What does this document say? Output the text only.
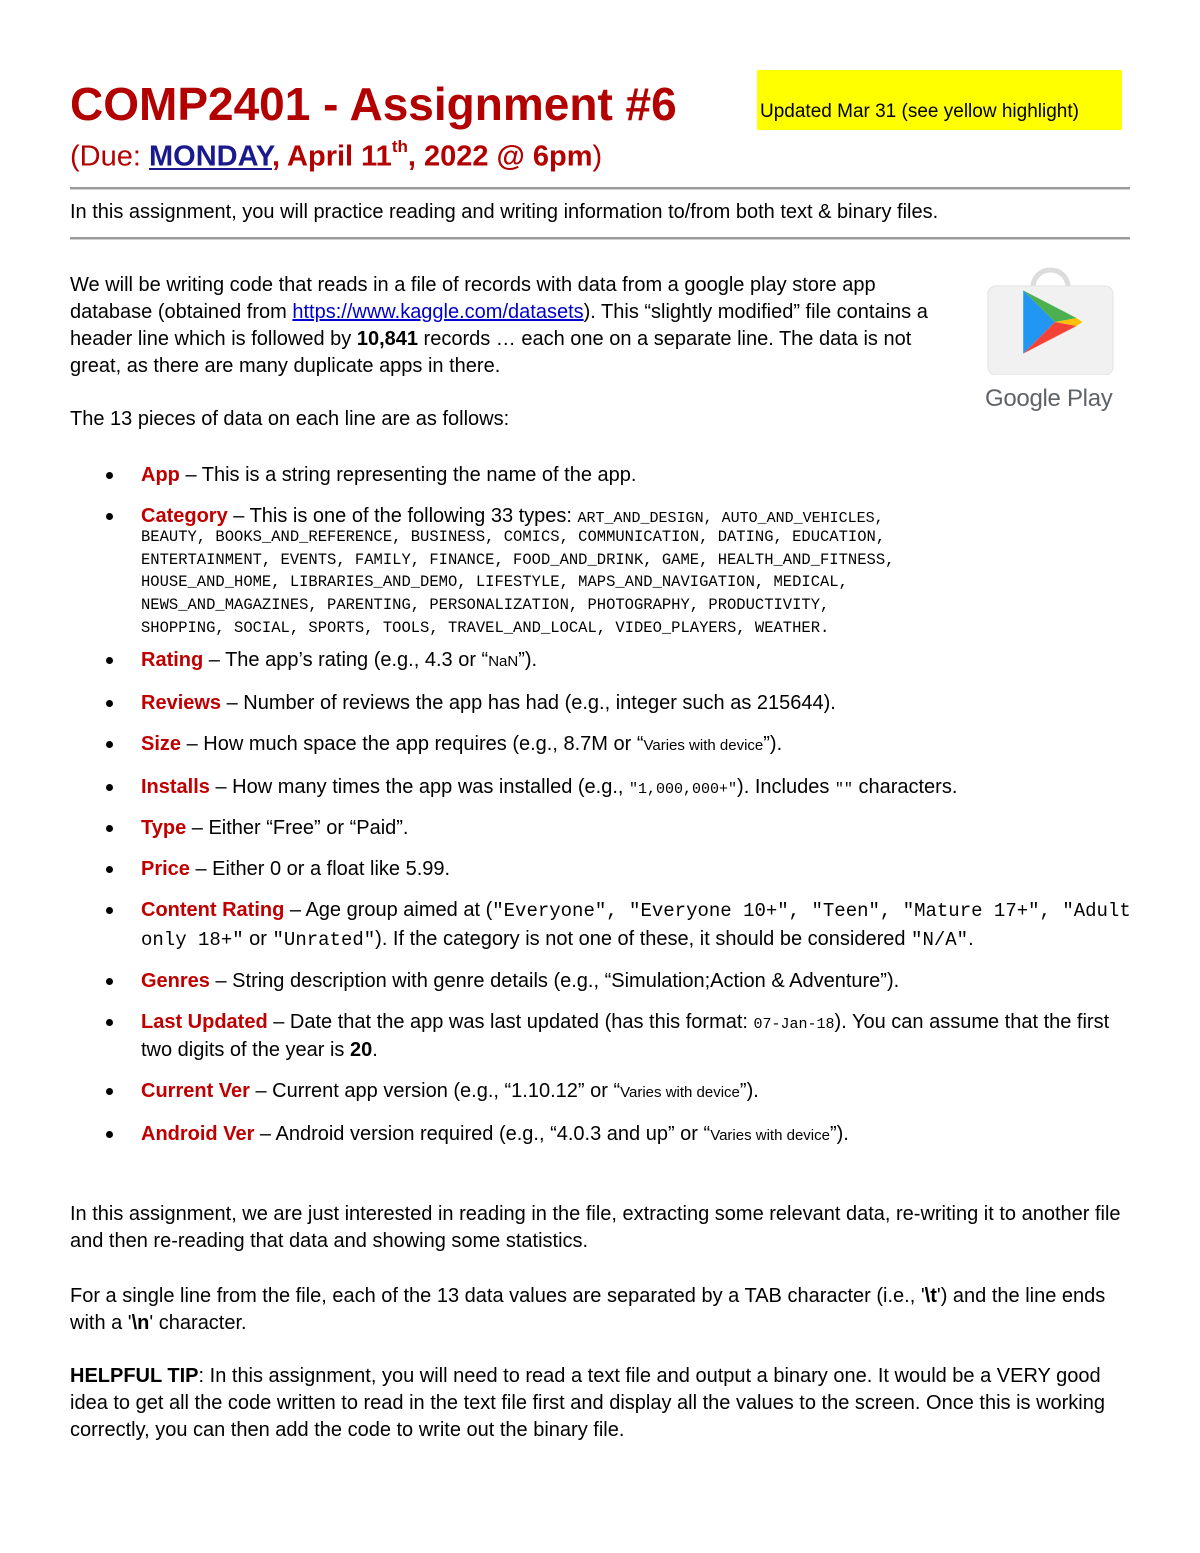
COMP2401 - Assignment #6	Updated Mar 31 (see yellow highlight)
(Due: MONDAY, April 11th, 2022 @ 6pm)
In this assignment, you will practice reading and writing information to/from both text & binary files.

We will be writing code that reads in a file of records with data from a google play store app database (obtained from https://www.kaggle.com/datasets). This “slightly modified” file contains a header line which is followed by 10,841 records … each one on a separate line. The data is not great, as there are many duplicate apps in there.

Google Play

The 13 pieces of data on each line are as follows:

App – This is a string representing the name of the app.
Category – This is one of the following 33 types: ART_AND_DESIGN, AUTO_AND_VEHICLES,
BEAUTY, BOOKS_AND_REFERENCE, BUSINESS, COMICS, COMMUNICATION, DATING, EDUCATION,
ENTERTAINMENT, EVENTS, FAMILY, FINANCE, FOOD_AND_DRINK, GAME, HEALTH_AND_FITNESS,
HOUSE_AND_HOME, LIBRARIES_AND_DEMO, LIFESTYLE, MAPS_AND_NAVIGATION, MEDICAL,
NEWS_AND_MAGAZINES, PARENTING, PERSONALIZATION, PHOTOGRAPHY, PRODUCTIVITY,
SHOPPING, SOCIAL, SPORTS, TOOLS, TRAVEL_AND_LOCAL, VIDEO_PLAYERS, WEATHER.
Rating – The app’s rating (e.g., 4.3 or “NaN”).
Reviews – Number of reviews the app has had (e.g., integer such as 215644).
Size – How much space the app requires (e.g., 8.7M or “Varies with device”).
Installs – How many times the app was installed (e.g., "1,000,000+"). Includes "" characters.
Type – Either “Free” or “Paid”.
Price – Either 0 or a float like 5.99.
Content Rating – Age group aimed at ("Everyone", "Everyone 10+", "Teen", "Mature 17+", "Adult only 18+" or "Unrated"). If the category is not one of these, it should be considered "N/A".
Genres – String description with genre details (e.g., “Simulation;Action & Adventure”).
Last Updated – Date that the app was last updated (has this format: 07-Jan-18). You can assume that the first two digits of the year is 20.
Current Ver – Current app version (e.g., “1.10.12” or “Varies with device”).
Android Ver – Android version required (e.g., “4.0.3 and up” or “Varies with device”).

In this assignment, we are just interested in reading in the file, extracting some relevant data, re-writing it to another file and then re-reading that data and showing some statistics.

For a single line from the file, each of the 13 data values are separated by a TAB character (i.e., '\t') and the line ends with a '\n' character.

HELPFUL TIP: In this assignment, you will need to read a text file and output a binary one. It would be a VERY good idea to get all the code written to read in the text file first and display all the values to the screen. Once this is working correctly, you can then add the code to write out the binary file.
